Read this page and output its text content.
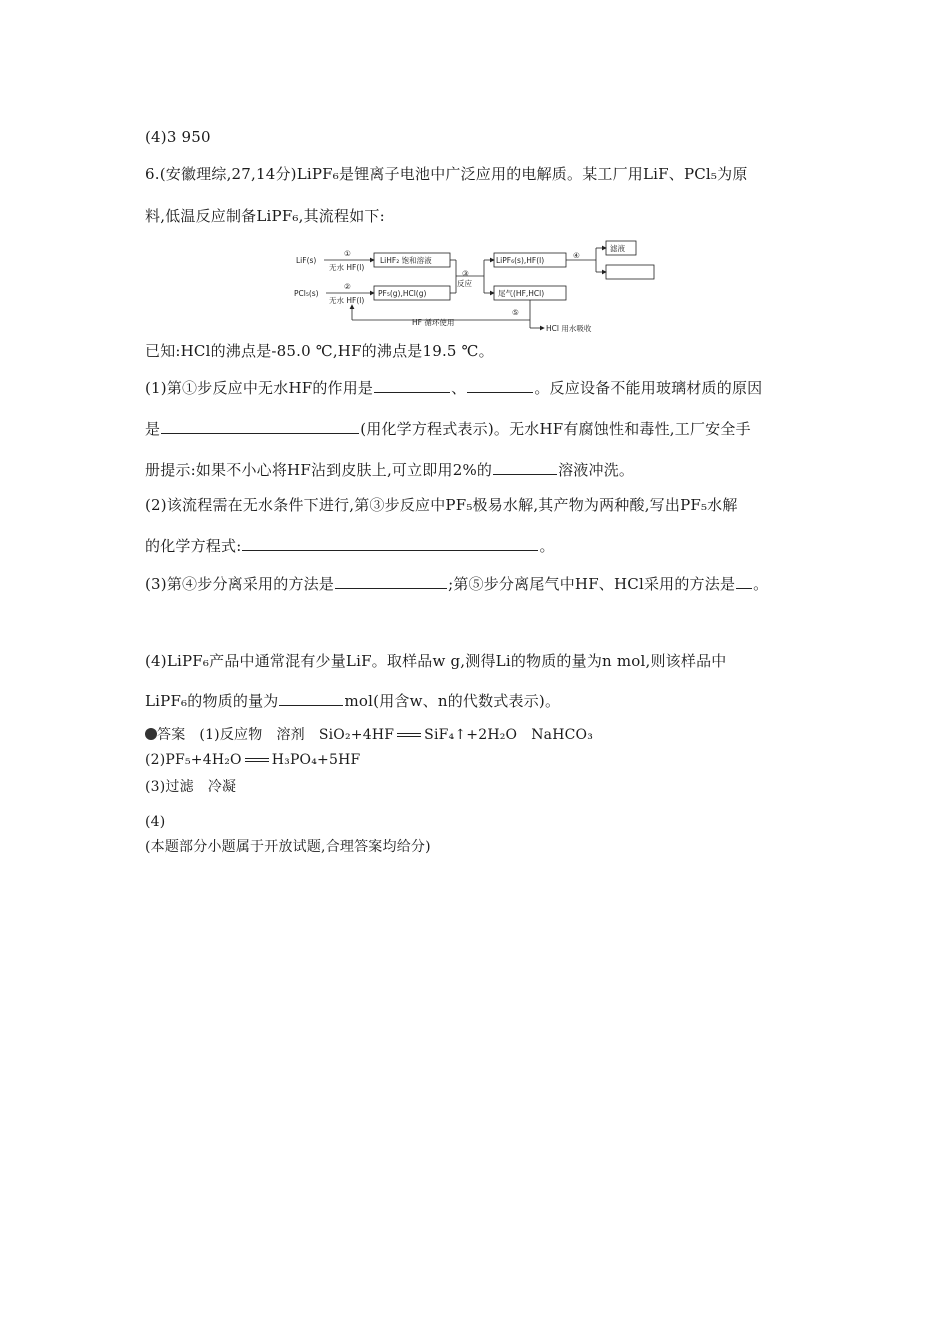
(4)3 950
6.(安徽理综,27,14分)LiPF₆是锂离子电池中广泛应用的电解质。某工厂用LiF、PCl₅为原
料,低温反应制备LiPF₆,其流程如下:
LiF(s)
PCl₅(s)
①
②
无水 HF(l)
无水 HF(l)
LiHF₂ 饱和溶液
PF₅(g),HCl(g)
③
反应
LiPF₆(s),HF(l)
尾气(HF,HCl)
④
滤液
⑤
HF 循环使用
HCl 用水吸收
已知:HCl的沸点是-85.0 ℃,HF的沸点是19.5 ℃。
(1)第①步反应中无水HF的作用是	、	。反应设备不能用玻璃材质的原因
是	(用化学方程式表示)。无水HF有腐蚀性和毒性,工厂安全手
册提示:如果不小心将HF沾到皮肤上,可立即用2%的	溶液冲洗。
(2)该流程需在无水条件下进行,第③步反应中PF₅极易水解,其产物为两种酸,写出PF₅水解
的化学方程式:	。
(3)第④步分离采用的方法是	;第⑤步分离尾气中HF、HCl采用的方法是 。
(4)LiPF₆产品中通常混有少量LiF。取样品w g,测得Li的物质的量为n mol,则该样品中
LiPF₆的物质的量为	mol(用含w、n的代数式表示)。
答案 (1)反应物 溶剂 SiO₂+4HF SiF₄↑+2H₂O NaHCO₃
(2)PF₅+4H₂O H₃PO₄+5HF
(3)过滤 冷凝
(4)
(本题部分小题属于开放试题,合理答案均给分)
